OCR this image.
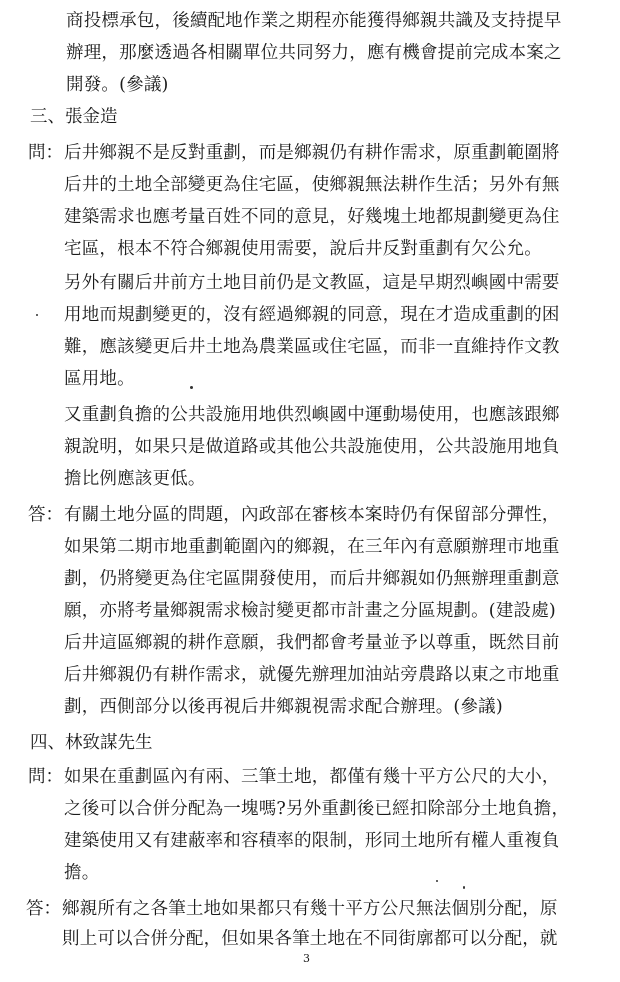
商投標承包，後續配地作業之期程亦能獲得鄉親共識及支持提早
辦理，那麼透過各相關單位共同努力，應有機會提前完成本案之
開發。(參議)
三、張金造
問： 后井鄉親不是反對重劃，而是鄉親仍有耕作需求，原重劃範圍將
后井的土地全部變更為住宅區，使鄉親無法耕作生活；另外有無
建築需求也應考量百姓不同的意見，好幾塊土地都規劃變更為住
宅區，根本不符合鄉親使用需要，說后井反對重劃有欠公允。
另外有關后井前方土地目前仍是文教區，這是早期烈嶼國中需要
用地而規劃變更的，沒有經過鄉親的同意，現在才造成重劃的困
難，應該變更后井土地為農業區或住宅區，而非一直維持作文教
區用地。
又重劃負擔的公共設施用地供烈嶼國中運動場使用，也應該跟鄉
親說明，如果只是做道路或其他公共設施使用，公共設施用地負
擔比例應該更低。
答： 有關土地分區的問題，內政部在審核本案時仍有保留部分彈性，
如果第二期市地重劃範圍內的鄉親，在三年內有意願辦理市地重
劃，仍將變更為住宅區開發使用，而后井鄉親如仍無辦理重劃意
願，亦將考量鄉親需求檢討變更都市計畫之分區規劃。(建設處)
后井這區鄉親的耕作意願，我們都會考量並予以尊重，既然目前
后井鄉親仍有耕作需求，就優先辦理加油站旁農路以東之市地重
劃，西側部分以後再視后井鄉親視需求配合辦理。(參議)
四、林致謀先生
問： 如果在重劃區內有兩、三筆土地，都僅有幾十平方公尺的大小，
之後可以合併分配為一塊嗎?另外重劃後已經扣除部分土地負擔，
建築使用又有建蔽率和容積率的限制，形同土地所有權人重複負
擔。
答： 鄉親所有之各筆土地如果都只有幾十平方公尺無法個別分配，原
則上可以合併分配，但如果各筆土地在不同街廓都可以分配，就
3
